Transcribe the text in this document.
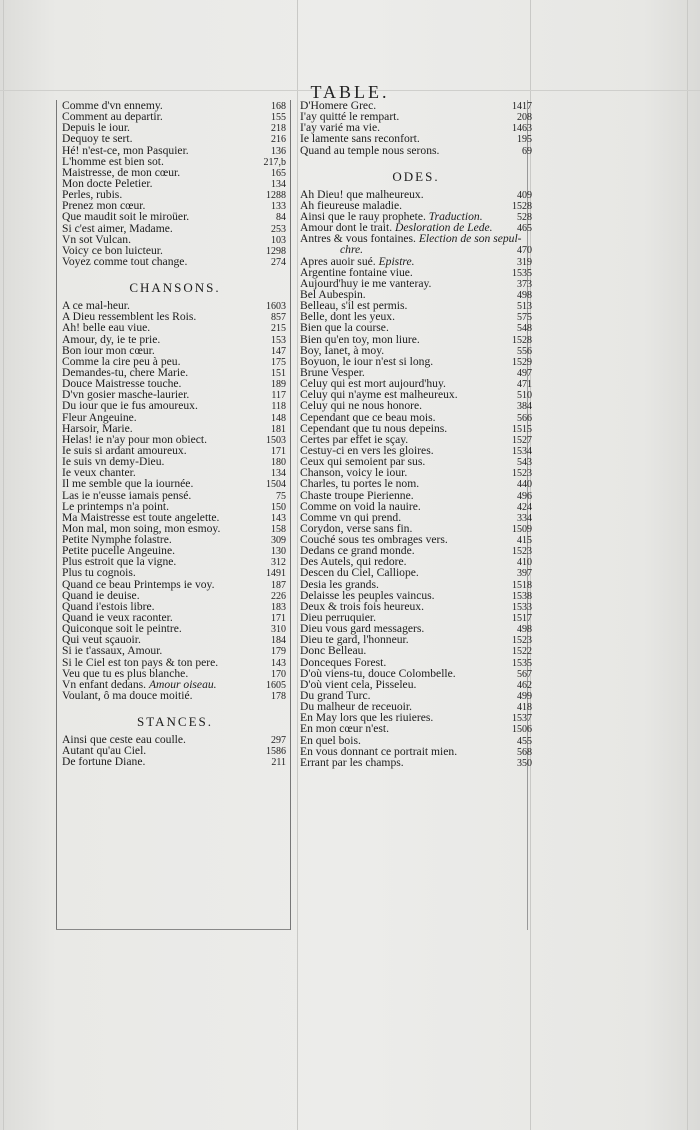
TABLE.
Comme d'vn ennemy.	168
Comment au departir.	155
Depuis le iour.	218
Dequoy te sert.	216
Hé! n'est-ce, mon Pasquier.	136
L'homme est bien sot.	217,b
Maistresse, de mon cœur.	165
Mon docte Peletier.	134
Perles, rubis.	1288
Prenez mon cœur.	133
Que maudit soit le miroüer.	84
Si c'est aimer, Madame.	253
Vn sot Vulcan.	103
Voicy ce bon luicteur.	1298
Voyez comme tout change.	274
CHANSONS.
A ce mal-heur.	1603
A Dieu ressemblent les Rois.	857
Ah! belle eau viue.	215
Amour, dy, ie te prie.	153
Bon iour mon cœur.	147
Comme la cire peu à peu.	175
Demandes-tu, chere Marie.	151
Douce Maistresse touche.	189
D'vn gosier masche-laurier.	117
Du iour que ie fus amoureux.	118
Fleur Angeuine.	148
Harsoir, Marie.	181
Helas! ie n'ay pour mon obiect.	1503
Ie suis si ardant amoureux.	171
Ie suis vn demy-Dieu.	180
Ie veux chanter.	134
Il me semble que la iournée.	1504
Las ie n'eusse iamais pensé.	75
Le printemps n'a point.	150
Ma Maistresse est toute angelette.	143
Mon mal, mon soing, mon esmoy.	158
Petite Nymphe folastre.	309
Petite pucelle Angeuine.	130
Plus estroit que la vigne.	312
Plus tu cognois.	1491
Quand ce beau Printemps ie voy.	187
Quand ie deuise.	226
Quand i'estois libre.	183
Quand ie veux raconter.	171
Quiconque soit le peintre.	310
Qui veut sçauoir.	184
Si ie t'assaux, Amour.	179
Si le Ciel est ton pays & ton pere.	143
Veu que tu es plus blanche.	170
Vn enfant dedans. Amour oiseau.	1605
Voulant, ô ma douce moitié.	178
STANCES.
Ainsi que ceste eau coulle.	297
Autant qu'au Ciel.	1586
De fortune Diane.	211
D'Homere Grec.	1417
I'ay quitté le rempart.	208
I'ay varié ma vie.	1463
Ie lamente sans reconfort.	195
Quand au temple nous serons.	69
ODES.
Ah Dieu! que malheureux.	409
Ah fieureuse maladie.	1528
Ainsi que le rauy prophete. Traduction.	528
Amour dont le trait. Desloration de Lede.	465
Antres & vous fontaines. Election de son sepul-
chre.	470
Apres auoir sué. Epistre.	319
Argentine fontaine viue.	1535
Aujourd'huy ie me vanteray.	373
Bel Aubespin.	498
Belleau, s'il est permis.	513
Belle, dont les yeux.	575
Bien que la course.	548
Bien qu'en toy, mon liure.	1528
Boy, Ianet, à moy.	556
Boyuon, le iour n'est si long.	1529
Brune Vesper.	497
Celuy qui est mort aujourd'huy.	471
Celuy qui n'ayme est malheureux.	510
Celuy qui ne nous honore.	384
Cependant que ce beau mois.	566
Cependant que tu nous depeins.	1515
Certes par effet ie sçay.	1527
Cestuy-ci en vers les gloires.	1534
Ceux qui semoient par sus.	543
Chanson, voicy le iour.	1523
Charles, tu portes le nom.	440
Chaste troupe Pierienne.	496
Comme on void la nauire.	424
Comme vn qui prend.	334
Corydon, verse sans fin.	1509
Couché sous tes ombrages vers.	415
Dedans ce grand monde.	1523
Des Autels, qui redore.	410
Descen du Ciel, Calliope.	397
Desia les grands.	1518
Delaisse les peuples vaincus.	1538
Deux & trois fois heureux.	1533
Dieu perruquier.	1517
Dieu vous gard messagers.	498
Dieu te gard, l'honneur.	1523
Donc Belleau.	1522
Donceques Forest.	1535
D'où viens-tu, douce Colombelle.	567
D'où vient cela, Pisseleu.	462
Du grand Turc.	499
Du malheur de receuoir.	418
En May lors que les riuieres.	1537
En mon cœur n'est.	1506
En quel bois.	455
En vous donnant ce portrait mien.	568
Errant par les champs.	350
